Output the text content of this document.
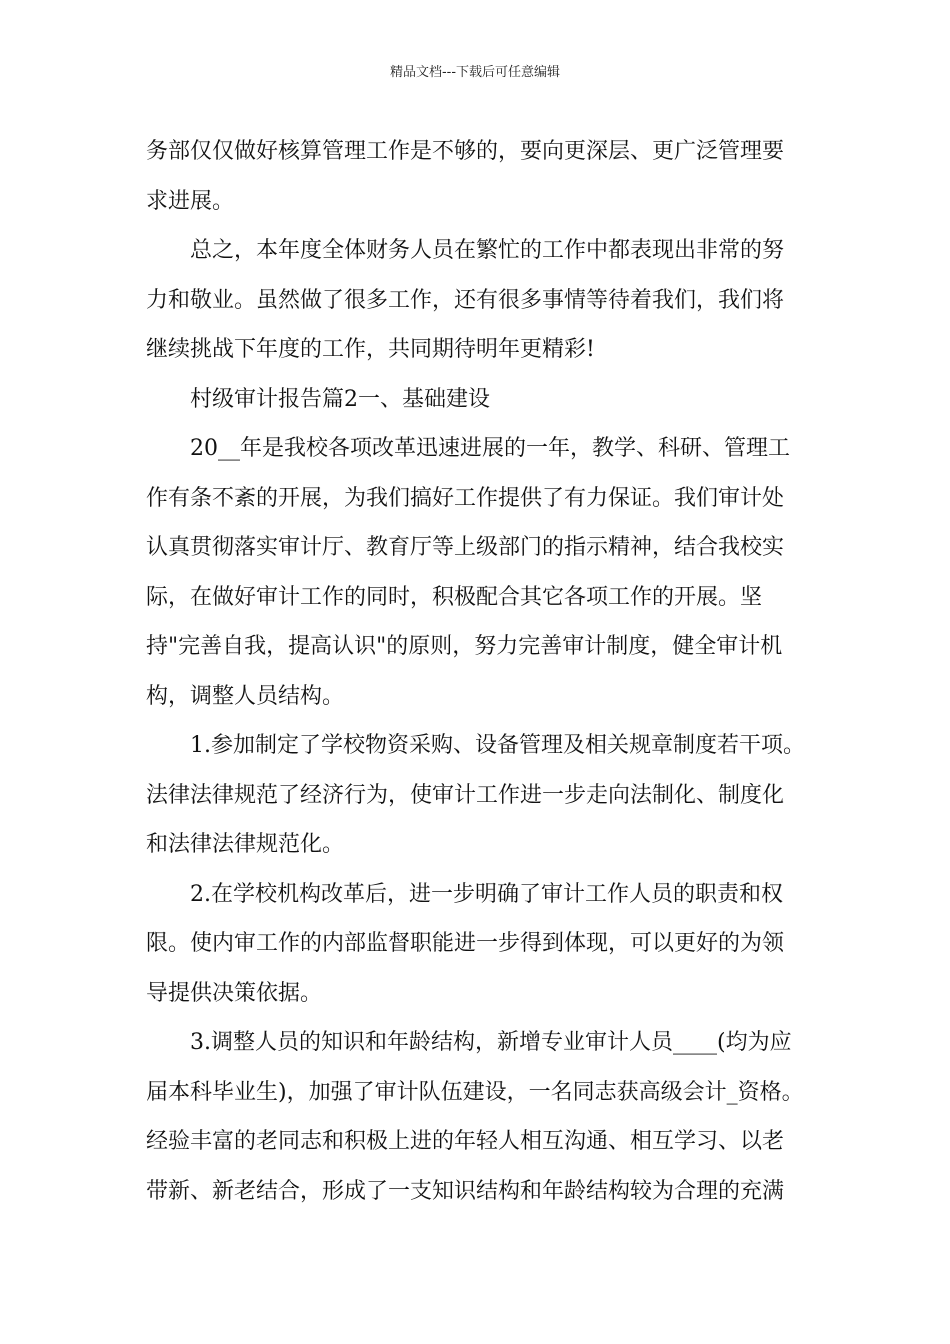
精品文档---下载后可任意编辑

务部仅仅做好核算管理工作是不够的，要向更深层、更广泛管理要
求进展。

总之，本年度全体财务人员在繁忙的工作中都表现出非常的努
力和敬业。虽然做了很多工作，还有很多事情等待着我们，我们将
继续挑战下年度的工作，共同期待明年更精彩!

村级审计报告篇2一、基础建设

20__年是我校各项改革迅速进展的一年，教学、科研、管理工
作有条不紊的开展，为我们搞好工作提供了有力保证。我们审计处
认真贯彻落实审计厅、教育厅等上级部门的指示精神，结合我校实
际，在做好审计工作的同时，积极配合其它各项工作的开展。坚
持"完善自我，提高认识"的原则，努力完善审计制度，健全审计机
构，调整人员结构。

1.参加制定了学校物资采购、设备管理及相关规章制度若干项。
法律法律规范了经济行为，使审计工作进一步走向法制化、制度化
和法律法律规范化。

2.在学校机构改革后，进一步明确了审计工作人员的职责和权
限。使内审工作的内部监督职能进一步得到体现，可以更好的为领
导提供决策依据。

3.调整人员的知识和年龄结构，新增专业审计人员____(均为应
届本科毕业生)，加强了审计队伍建设，一名同志获高级会计_资格。
经验丰富的老同志和积极上进的年轻人相互沟通、相互学习、以老
带新、新老结合，形成了一支知识结构和年龄结构较为合理的充满
